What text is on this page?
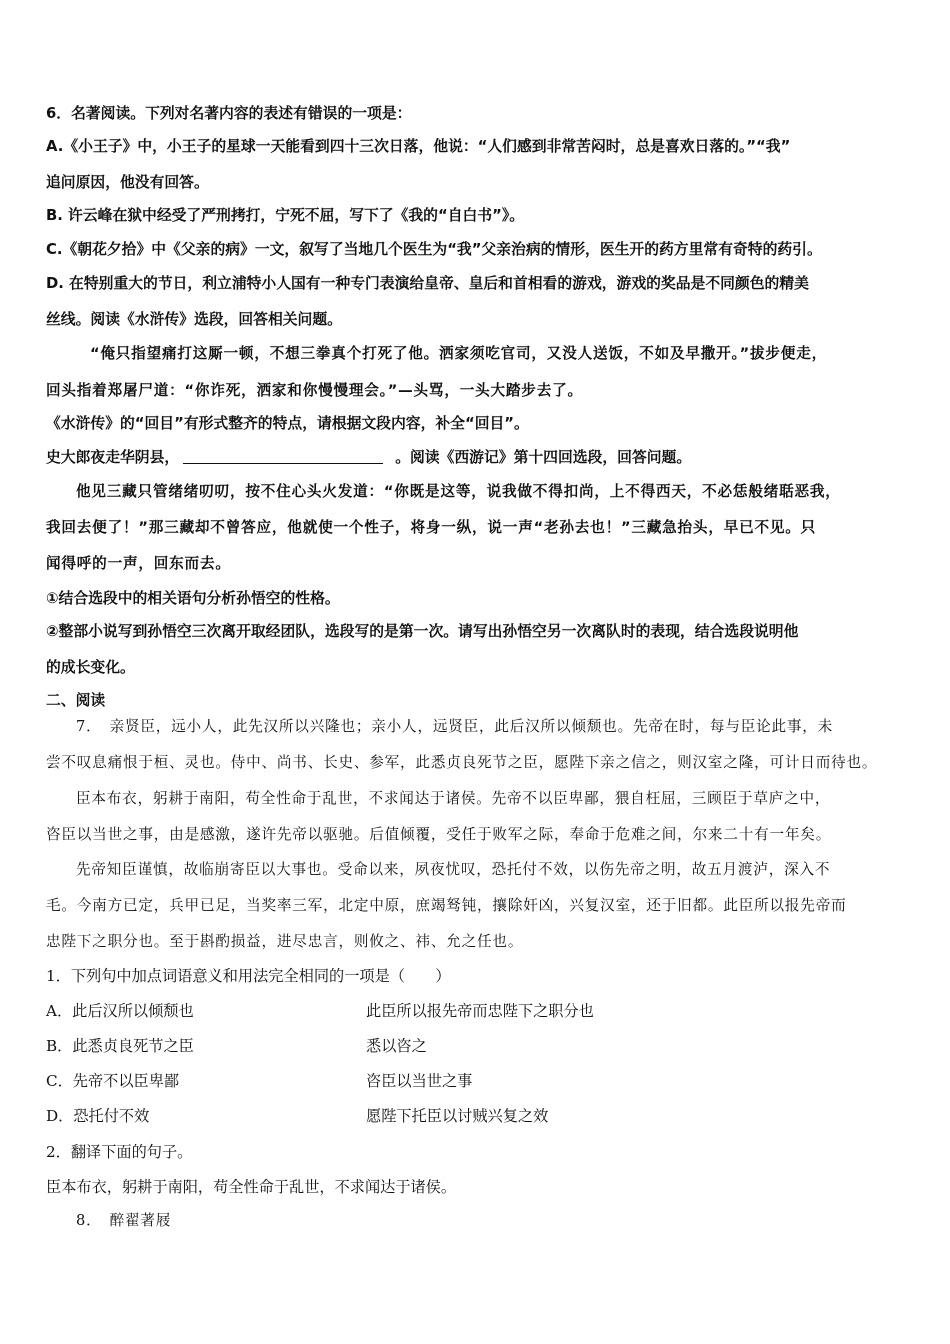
6．名著阅读。下列对名著内容的表述有错误的一项是：
A.《小王子》中，小王子的星球一天能看到四十三次日落，他说：“人们感到非常苦闷时，总是喜欢日落的。”“我”
追问原因，他没有回答。
B. 许云峰在狱中经受了严刑拷打，宁死不屈，写下了《我的“自白书”》。
C.《朝花夕拾》中《父亲的病》一文，叙写了当地几个医生为“我”父亲治病的情形，医生开的药方里常有奇特的药引。
D. 在特别重大的节日，利立浦特小人国有一种专门表演给皇帝、皇后和首相看的游戏，游戏的奖品是不同颜色的精美
丝线。阅读《水浒传》选段，回答相关问题。
“俺只指望痛打这厮一顿，不想三拳真个打死了他。洒家须吃官司，又没人送饭，不如及早撒开。”拔步便走，
回头指着郑屠尸道：“你诈死，洒家和你慢慢理会。”—头骂，一头大踏步去了。
《水浒传》的“回目”有形式整齐的特点，请根据文段内容，补全“回目”。
史大郎夜走华阴县，	。阅读《西游记》第十四回选段，回答问题。
他见三藏只管绪绪叨叨，按不住心头火发道：“你既是这等，说我做不得扣尚，上不得西天，不必恁般绪聒恶我，
我回去便了！”那三藏却不曾答应，他就使一个性子，将身一纵，说一声“老孙去也！”三藏急抬头，早已不见。只
闻得呼的一声，回东而去。
①结合选段中的相关语句分析孙悟空的性格。
②整部小说写到孙悟空三次离开取经团队，选段写的是第一次。请写出孙悟空另一次离队时的表现，结合选段说明他
的成长变化。
二、阅读
7．　亲贤臣，远小人，此先汉所以兴隆也；亲小人，远贤臣，此后汉所以倾颓也。先帝在时，每与臣论此事，未
尝不叹息痛恨于桓、灵也。侍中、尚书、长史、参军，此悉贞良死节之臣，愿陛下亲之信之，则汉室之隆，可计日而待也。
臣本布衣，躬耕于南阳，苟全性命于乱世，不求闻达于诸侯。先帝不以臣卑鄙，猥自枉屈，三顾臣于草庐之中，
咨臣以当世之事，由是感激，遂许先帝以驱驰。后值倾覆，受任于败军之际，奉命于危难之间，尔来二十有一年矣。
先帝知臣谨慎，故临崩寄臣以大事也。受命以来，夙夜忧叹，恐托付不效，以伤先帝之明，故五月渡泸，深入不
毛。今南方已定，兵甲已足，当奖率三军，北定中原，庶竭驽钝，攘除奸凶，兴复汉室，还于旧都。此臣所以报先帝而
忠陛下之职分也。至于斟酌损益，进尽忠言，则攸之、祎、允之任也。
1．下列句中加点词语意义和用法完全相同的一项是（　　）
A．此后汉所以倾颓也	此臣所以报先帝而忠陛下之职分也
B．此悉贞良死节之臣	悉以咨之
C．先帝不以臣卑鄙	咨臣以当世之事
D．恐托付不效	愿陛下托臣以讨贼兴复之效
2．翻译下面的句子。
臣本布衣，躬耕于南阳，苟全性命于乱世，不求闻达于诸侯。
8．　醉翟著屐
